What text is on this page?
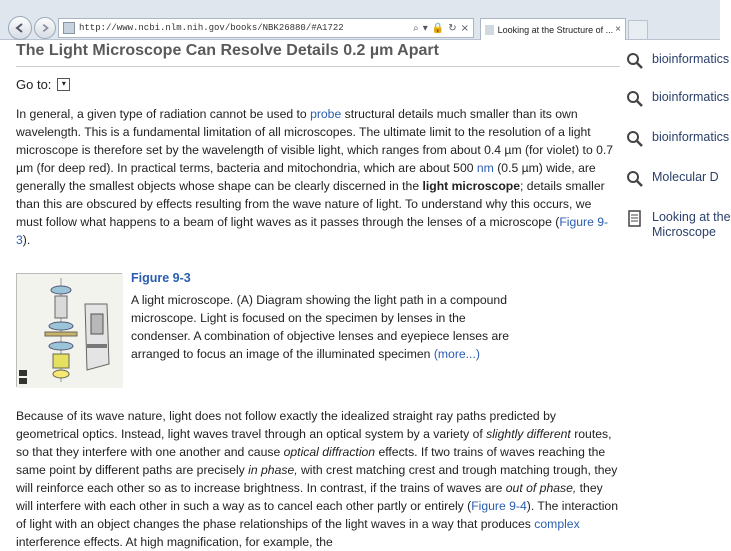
http://www.ncbi.nlm.nih.gov/books/NBK26880/#A1722	⌕ ▾ 🔒 ↻ ×	Looking at the Structure of ... ×
The Light Microscope Can Resolve Details 0.2 µm Apart
Go to:	▾

In general, a given type of radiation cannot be used to probe structural details much smaller than its own wavelength. This is a fundamental limitation of all microscopes. The ultimate limit to the resolution of a light microscope is therefore set by the wavelength of visible light, which ranges from about 0.4 µm (for violet) to 0.7 µm (for deep red). In practical terms, bacteria and mitochondria, which are about 500 nm (0.5 µm) wide, are generally the smallest objects whose shape can be clearly discerned in the light microscope; details smaller than this are obscured by effects resulting from the wave nature of light. To understand why this occurs, we must follow what happens to a beam of light waves as it passes through the lenses of a microscope (Figure 9-3).

Figure 9-3
A light microscope. (A) Diagram showing the light path in a compound microscope. Light is focused on the specimen by lenses in the condenser. A combination of objective lenses and eyepiece lenses are arranged to focus an image of the illuminated specimen (more...)

Because of its wave nature, light does not follow exactly the idealized straight ray paths predicted by geometrical optics. Instead, light waves travel through an optical system by a variety of slightly different routes, so that they interfere with one another and cause optical diffraction effects. If two trains of waves reaching the same point by different paths are precisely in phase, with crest matching crest and trough matching trough, they will reinforce each other so as to increase brightness. In contrast, if the trains of waves are out of phase, they will interfere with each other in such a way as to cancel each other partly or entirely (Figure 9-4). The interaction of light with an object changes the phase relationships of the light waves in a way that produces complex interference effects. At high magnification, for example, the

bioinformatics
bioinformatics
bioinformatics
Molecular D
Looking at the
Microscope
